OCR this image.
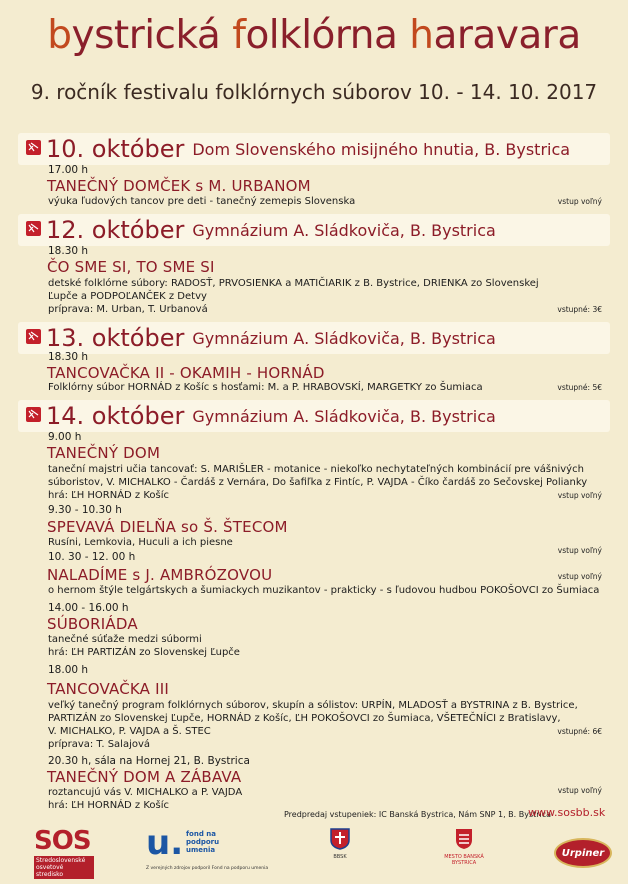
bystrická folklórna haravara
9. ročník festivalu folklórnych súborov 10. - 14. 10. 2017
10. október Dom Slovenského misijného hnutia, B. Bystrica
17.00 h
TANEČNÝ DOMČEK s M. URBANOM
výuka ľudových tancov pre deti - tanečný zemepis Slovenska	vstup voľný
12. október Gymnázium A. Sládkoviča, B. Bystrica
18.30 h
ČO SME SI, TO SME SI
detské folklórne súbory: RADOSŤ, PRVOSIENKA a MATIČIARIK z B. Bystrice, DRIENKA zo Slovenskej
Ľupče a PODPOĽANČEK z Detvy
príprava: M. Urban, T. Urbanová	vstupné: 3€
13. október Gymnázium A. Sládkoviča, B. Bystrica
18.30 h
TANCOVAČKA II - OKAMIH - HORNÁD
Folklórny súbor HORNÁD z Košíc s hosťami: M. a P. HRABOVSKÍ, MARGETKY zo Šumiaca	vstupné: 5€
14. október Gymnázium A. Sládkoviča, B. Bystrica
9.00 h
TANEČNÝ DOM
taneční majstri učia tancovať: S. MARIŠLER - motanice - niekoľko nechytateľných kombinácií pre vášnivých
súboristov, V. MICHALKO - Čardáš z Vernára, Do šafiľka z Fintíc, P. VAJDA - Číko čardáš zo Sečovskej Polianky
hrá: ĽH HORNÁD z Košíc	vstup voľný
9.30 - 10.30 h
SPEVAVÁ DIELŇA so Š. ŠTECOM
Rusíni, Lemkovia, Huculi a ich piesne
vstup voľný
10. 30 - 12. 00 h
NALADÍME s J. AMBRÓZOVOU
o hernom štýle telgártskych a šumiackych muzikantov - prakticky - s ľudovou hudbou POKOŠOVCI zo Šumiaca
vstup voľný
14.00 - 16.00 h
SÚBORIÁDA
tanečné súťaže medzi súbormi
hrá: ĽH PARTIZÁN zo Slovenskej Ľupče
18.00 h
TANCOVAČKA III
veľký tanečný program folklórnych súborov, skupín a sólistov: URPÍN, MLADOSŤ a BYSTRINA z B. Bystrice,
PARTIZÁN zo Slovenskej Ľupče, HORNÁD z Košíc, ĽH POKOŠOVCI zo Šumiaca, VŠETEČNÍCI z Bratislavy,
V. MICHALKO, P. VAJDA a Š. STEC
príprava: T. Salajová
vstupné: 6€
20.30 h, sála na Hornej 21, B. Bystrica
TANEČNÝ DOM A ZÁBAVA
roztancujú vás V. MICHALKO a P. VAJDA
hrá: ĽH HORNÁD z Košíc
vstup voľný
Predpredaj vstupeniek: IC Banská Bystrica, Nám SNP 1, B. Bystrica
www.sosbb.sk
SOS
Stredoslovenské osvetové stredisko
u. fond na podporu umenia
Z verejných zdrojov podporil Fond na podporu umenia
BBSK	MESTO BANSKÁ BYSTRICA
Urpiner
